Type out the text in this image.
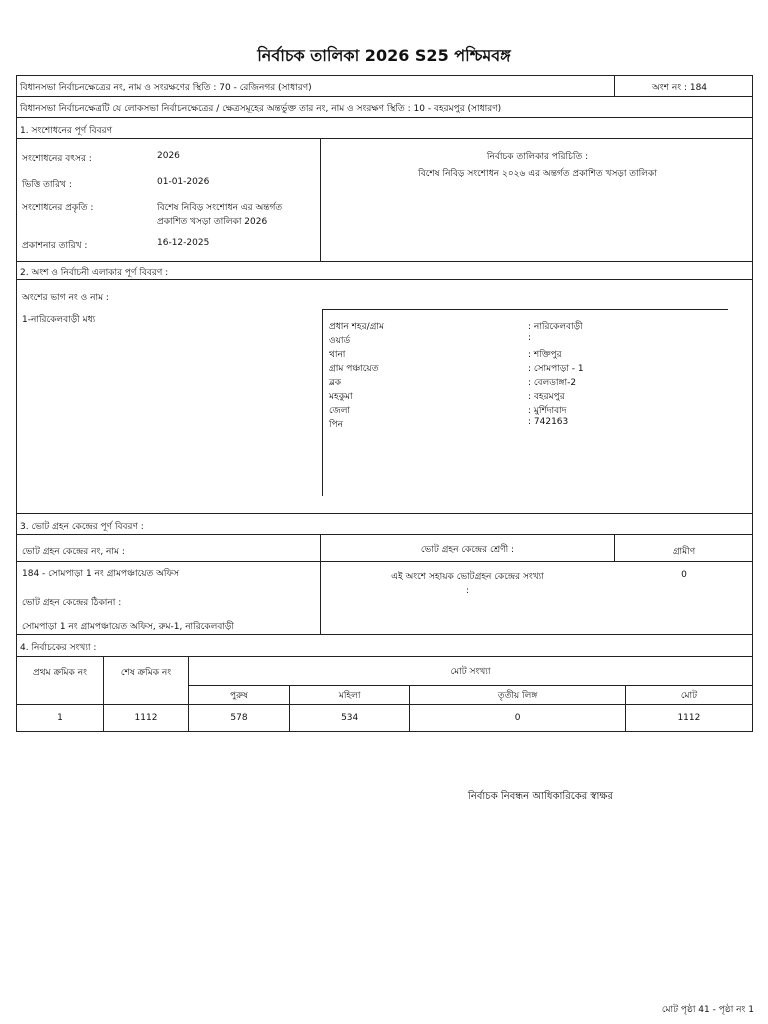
নির্বাচক তালিকা 2026 S25 পশ্চিমবঙ্গ
বিধানসভা নির্বাচনক্ষেত্রের নং, নাম ও সংরক্ষণের স্থিতি : 70 - রেজিনগর (সাধারণ)	অংশ নং : 184
বিধানসভা নির্বাচনক্ষেত্রটি যে লোকসভা নির্বাচনক্ষেত্রের / ক্ষেত্রসমূহের অন্তর্ভুক্ত তার নং, নাম ও সংরক্ষণ স্থিতি : 10 - বহরমপুর (সাধারণ)
1. সংশোধনের পূর্ণ বিবরণ
সংশোধনের বৎসর :	2026
ভিত্তি তারিখ :	01-01-2026
সংশোধনের প্রকৃতি :	বিশেষ নিবিড় সংশোধন এর অন্তর্গত
প্রকাশিত খসড়া তালিকা 2026
প্রকাশনার তারিখ :	16-12-2025
নির্বাচক তালিকার পরিচিতি :
বিশেষ নিবিড় সংশোধন ২০২৬ এর অন্তর্গত প্রকাশিত খসড়া তালিকা
2. অংশ ও নির্বাচনী এলাকার পূর্ণ বিবরণ :
অংশের ভাগ নং ও নাম :
1-নারিকেলবাড়ী মধ্য
প্রধান শহর/গ্রাম	: নারিকেলবাড়ী
ওয়ার্ড	:
থানা	: শক্তিপুর
গ্রাম পঞ্চায়েত	: সোমপাড়া - 1
ব্লক	: বেলডাঙ্গা-2
মহকুমা	: বহরমপুর
জেলা	: মুর্শিদাবাদ
পিন	: 742163
3. ভোট গ্রহন কেন্দ্রের পূর্ণ বিবরণ :
ভোট গ্রহন কেন্দ্রের নং, নাম :
184 - সোমপাড়া 1 নং গ্রামপঞ্চায়েত অফিস
ভোট গ্রহন কেন্দ্রের ঠিকানা :
সোমপাড়া 1 নং গ্রামপঞ্চায়েত অফিস, রুম-1, নারিকেলবাড়ী
ভোট গ্রহন কেন্দ্রের শ্রেণী :	গ্রামীণ
এই অংশে সহায়ক ভোটগ্রহন কেন্দ্রের সংখ্যা
:
0
4. নির্বাচকের সংখ্যা :
প্রথম ক্রমিক নং	শেষ ক্রমিক নং	মোট সংখ্যা			
		পুরুষ	মহিলা	তৃতীয় লিঙ্গ	মোট
1	1112	578	534	0	1112
নির্বাচক নিবন্ধন আধিকারিকের স্বাক্ষর
মোট পৃষ্ঠা 41 - পৃষ্ঠা নং 1
